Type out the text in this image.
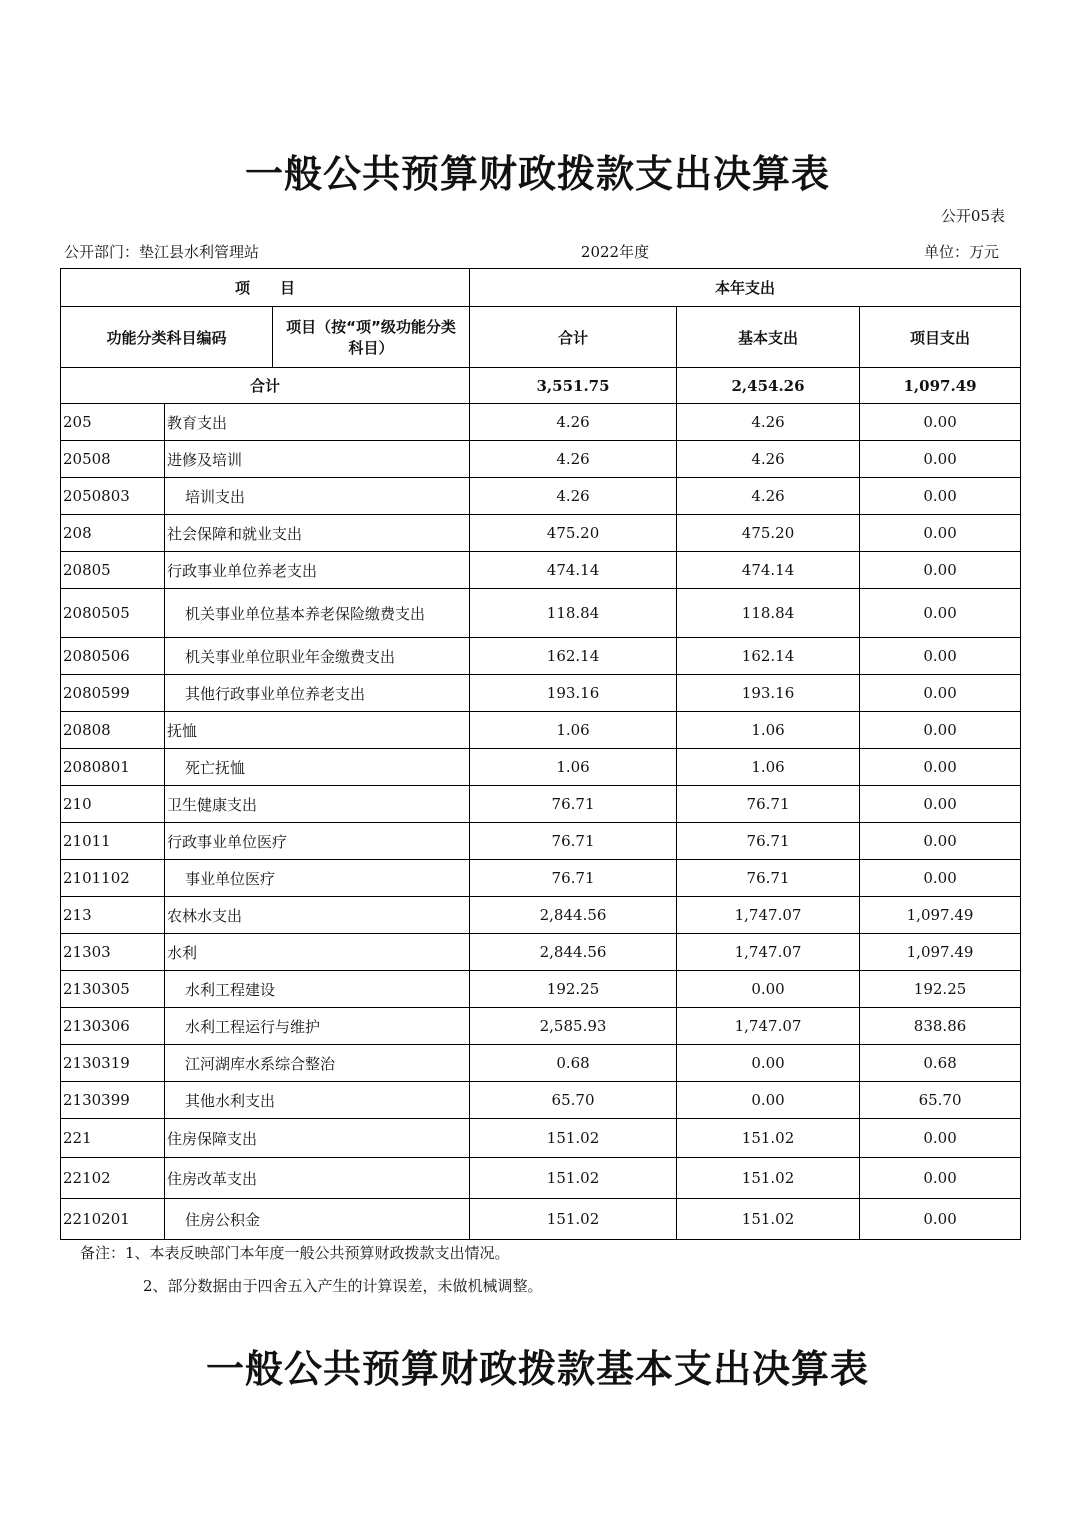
一般公共预算财政拨款支出决算表
公开05表
公开部门：垫江县水利管理站	2022年度	单位：万元
项　　目			本年支出		
功能分类科目编码		项目（按“项”级功能分类科目）	合计	基本支出	项目支出
合计			3,551.75	2,454.26	1,097.49
205	教育支出		4.26	4.26	0.00
20508	进修及培训		4.26	4.26	0.00
2050803	培训支出		4.26	4.26	0.00
208	社会保障和就业支出		475.20	475.20	0.00
20805	行政事业单位养老支出		474.14	474.14	0.00
2080505	机关事业单位基本养老保险缴费支出		118.84	118.84	0.00
2080506	机关事业单位职业年金缴费支出		162.14	162.14	0.00
2080599	其他行政事业单位养老支出		193.16	193.16	0.00
20808	抚恤		1.06	1.06	0.00
2080801	死亡抚恤		1.06	1.06	0.00
210	卫生健康支出		76.71	76.71	0.00
21011	行政事业单位医疗		76.71	76.71	0.00
2101102	事业单位医疗		76.71	76.71	0.00
213	农林水支出		2,844.56	1,747.07	1,097.49
21303	水利		2,844.56	1,747.07	1,097.49
2130305	水利工程建设		192.25	0.00	192.25
2130306	水利工程运行与维护		2,585.93	1,747.07	838.86
2130319	江河湖库水系综合整治		0.68	0.00	0.68
2130399	其他水利支出		65.70	0.00	65.70
221	住房保障支出		151.02	151.02	0.00
22102	住房改革支出		151.02	151.02	0.00
2210201	住房公积金		151.02	151.02	0.00
备注：1、本表反映部门本年度一般公共预算财政拨款支出情况。
2、部分数据由于四舍五入产生的计算误差，未做机械调整。
一般公共预算财政拨款基本支出决算表
